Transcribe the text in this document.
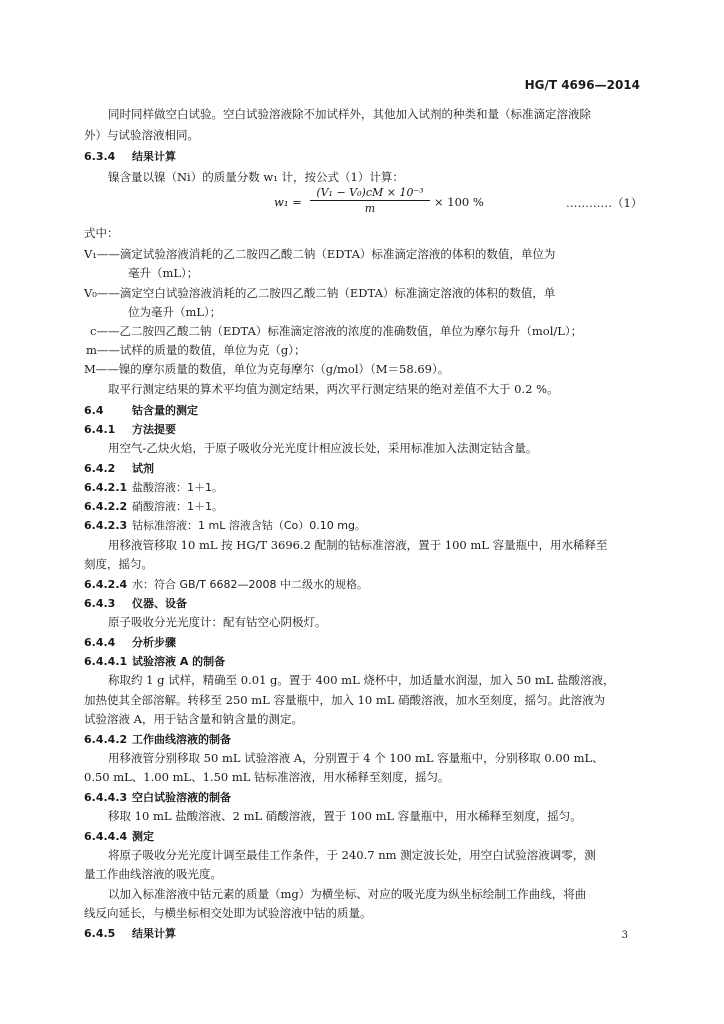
HG/T 4696—2014
同时同样做空白试验。空白试验溶液除不加试样外，其他加入试剂的种类和量（标准滴定溶液除
外）与试验溶液相同。
6.3.4 结果计算
镍含量以镍（Ni）的质量分数 w₁ 计，按公式（1）计算：
$w_1 = \frac{\text{(V₁ − V₀)cM × 10⁻³}}{m} \times 100$ %	…………（1）
式中：
V₁——滴定试验溶液消耗的乙二胺四乙酸二钠（EDTA）标准滴定溶液的体积的数值，单位为
毫升（mL）；
V₀——滴定空白试验溶液消耗的乙二胺四乙酸二钠（EDTA）标准滴定溶液的体积的数值，单
位为毫升（mL）；
c——乙二胺四乙酸二钠（EDTA）标准滴定溶液的浓度的准确数值，单位为摩尔每升（mol/L）；
m——试样的质量的数值，单位为克（g）；
M——镍的摩尔质量的数值，单位为克每摩尔（g/mol）（M＝58.69）。
取平行测定结果的算术平均值为测定结果，两次平行测定结果的绝对差值不大于 0.2 %。
6.4	钴含量的测定
6.4.1 方法提要
用空气-乙炔火焰，于原子吸收分光光度计相应波长处，采用标准加入法测定钴含量。
6.4.2 试剂
6.4.2.1 盐酸溶液：1＋1。
6.4.2.2 硝酸溶液：1＋1。
6.4.2.3 钴标准溶液：1 mL 溶液含钴（Co）0.10 mg。
用移液管移取 10 mL 按 HG/T 3696.2 配制的钴标准溶液，置于 100 mL 容量瓶中，用水稀释至
刻度，摇匀。
6.4.2.4 水：符合 GB/T 6682—2008 中二级水的规格。
6.4.3 仪器、设备
原子吸收分光光度计：配有钴空心阴极灯。
6.4.4 分析步骤
6.4.4.1 试验溶液 A 的制备
称取约 1 g 试样，精确至 0.01 g。置于 400 mL 烧杯中，加适量水润湿，加入 50 mL 盐酸溶液，
加热使其全部溶解。转移至 250 mL 容量瓶中，加入 10 mL 硝酸溶液，加水至刻度，摇匀。此溶液为
试验溶液 A，用于钴含量和钠含量的测定。
6.4.4.2 工作曲线溶液的制备
用移液管分别移取 50 mL 试验溶液 A，分别置于 4 个 100 mL 容量瓶中，分别移取 0.00 mL、
0.50 mL、1.00 mL、1.50 mL 钴标准溶液，用水稀释至刻度，摇匀。
6.4.4.3 空白试验溶液的制备
移取 10 mL 盐酸溶液、2 mL 硝酸溶液，置于 100 mL 容量瓶中，用水稀释至刻度，摇匀。
6.4.4.4 测定
将原子吸收分光光度计调至最佳工作条件，于 240.7 nm 测定波长处，用空白试验溶液调零，测
量工作曲线溶液的吸光度。
以加入标准溶液中钴元素的质量（mg）为横坐标、对应的吸光度为纵坐标绘制工作曲线，将曲
线反向延长，与横坐标相交处即为试验溶液中钴的质量。
6.4.5 结果计算	3
